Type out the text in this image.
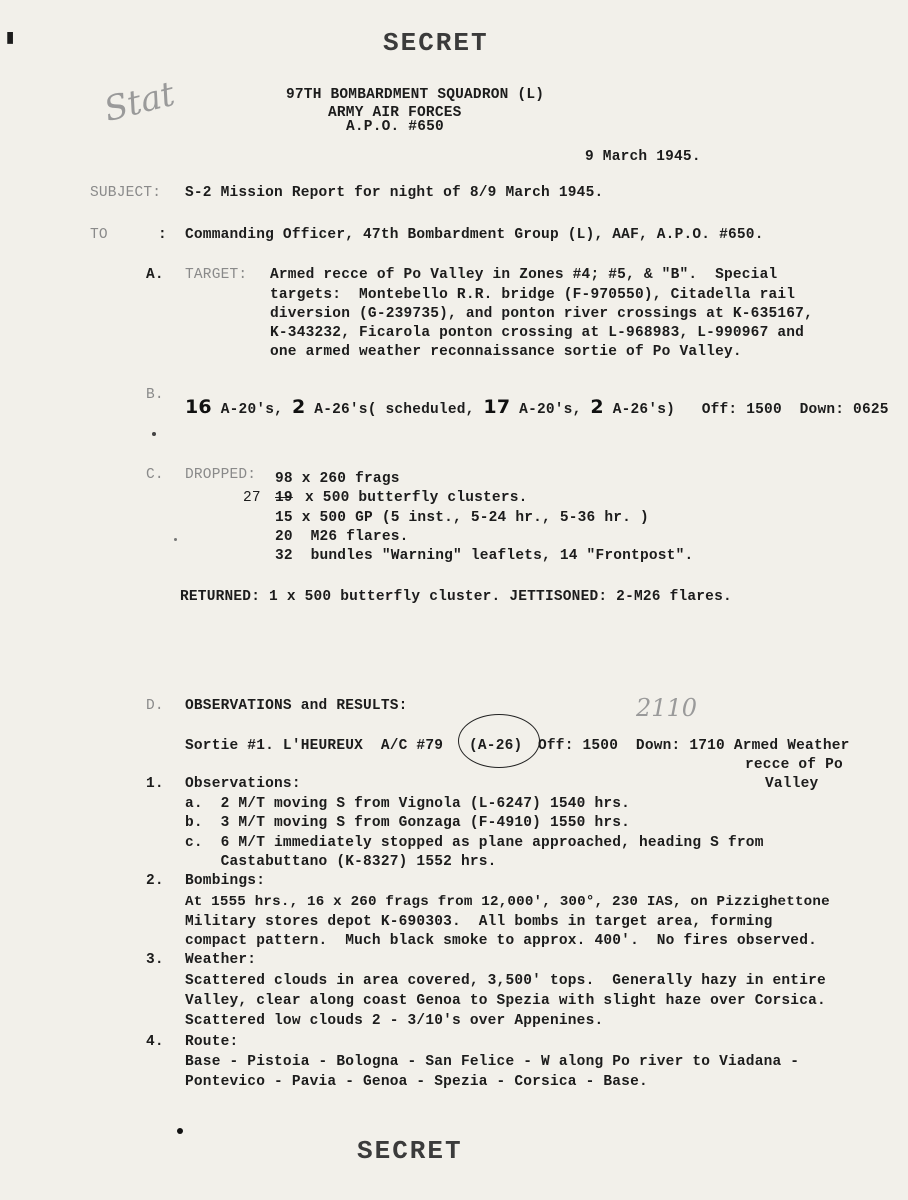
▮	SECRET
Stat	97TH BOMBARDMENT SQUADRON (L)
ARMY AIR FORCES
A.P.O. #650
9 March 1945.
SUBJECT: S-2 Mission Report for night of 8/9 March 1945.
TO	: Commanding Officer, 47th Bombardment Group (L), AAF, A.P.O. #650.
A. TARGET: Armed recce of Po Valley in Zones #4; #5, & "B".  Special
targets:  Montebello R.R. bridge (F-970550), Citadella rail
diversion (G-239735), and ponton river crossings at K-635167,
K-343232, Ficarola ponton crossing at L-968983, L-990967 and
one armed weather reconnaissance sortie of Po Valley.
B.
16 A-20's, 2 A-26's( scheduled, 17 A-20's, 2 A-26's)   Off: 1500  Down: 0625
C. DROPPED: 98 x 260 frags
27 19 x 500 butterfly clusters.
15 x 500 GP (5 inst., 5-24 hr., 5-36 hr. )
20  M26 flares.
32  bundles "Warning" leaflets, 14 "Frontpost".
RETURNED: 1 x 500 butterfly cluster. JETTISONED: 2-M26 flares.
D. OBSERVATIONS and RESULTS:	2110
Sortie #1. L'HEUREUX  A/C #79 (A-26) Off: 1500  Down: 1710 Armed Weather
recce of Po
Valley
1. Observations:
a.  2 M/T moving S from Vignola (L-6247) 1540 hrs.
b.  3 M/T moving S from Gonzaga (F-4910) 1550 hrs.
c.  6 M/T immediately stopped as plane approached, heading S from
Castabuttano (K-8327) 1552 hrs.
2. Bombings:
At 1555 hrs., 16 x 260 frags from 12,000', 300°, 230 IAS, on Pizzighettone
Military stores depot K-690303.  All bombs in target area, forming
compact pattern.  Much black smoke to approx. 400'.  No fires observed.
3. Weather:
Scattered clouds in area covered, 3,500' tops.  Generally hazy in entire
Valley, clear along coast Genoa to Spezia with slight haze over Corsica.
Scattered low clouds 2 - 3/10's over Appenines.
4. Route:
Base - Pistoia - Bologna - San Felice - W along Po river to Viadana -
Pontevico - Pavia - Genoa - Spezia - Corsica - Base.
SECRET
